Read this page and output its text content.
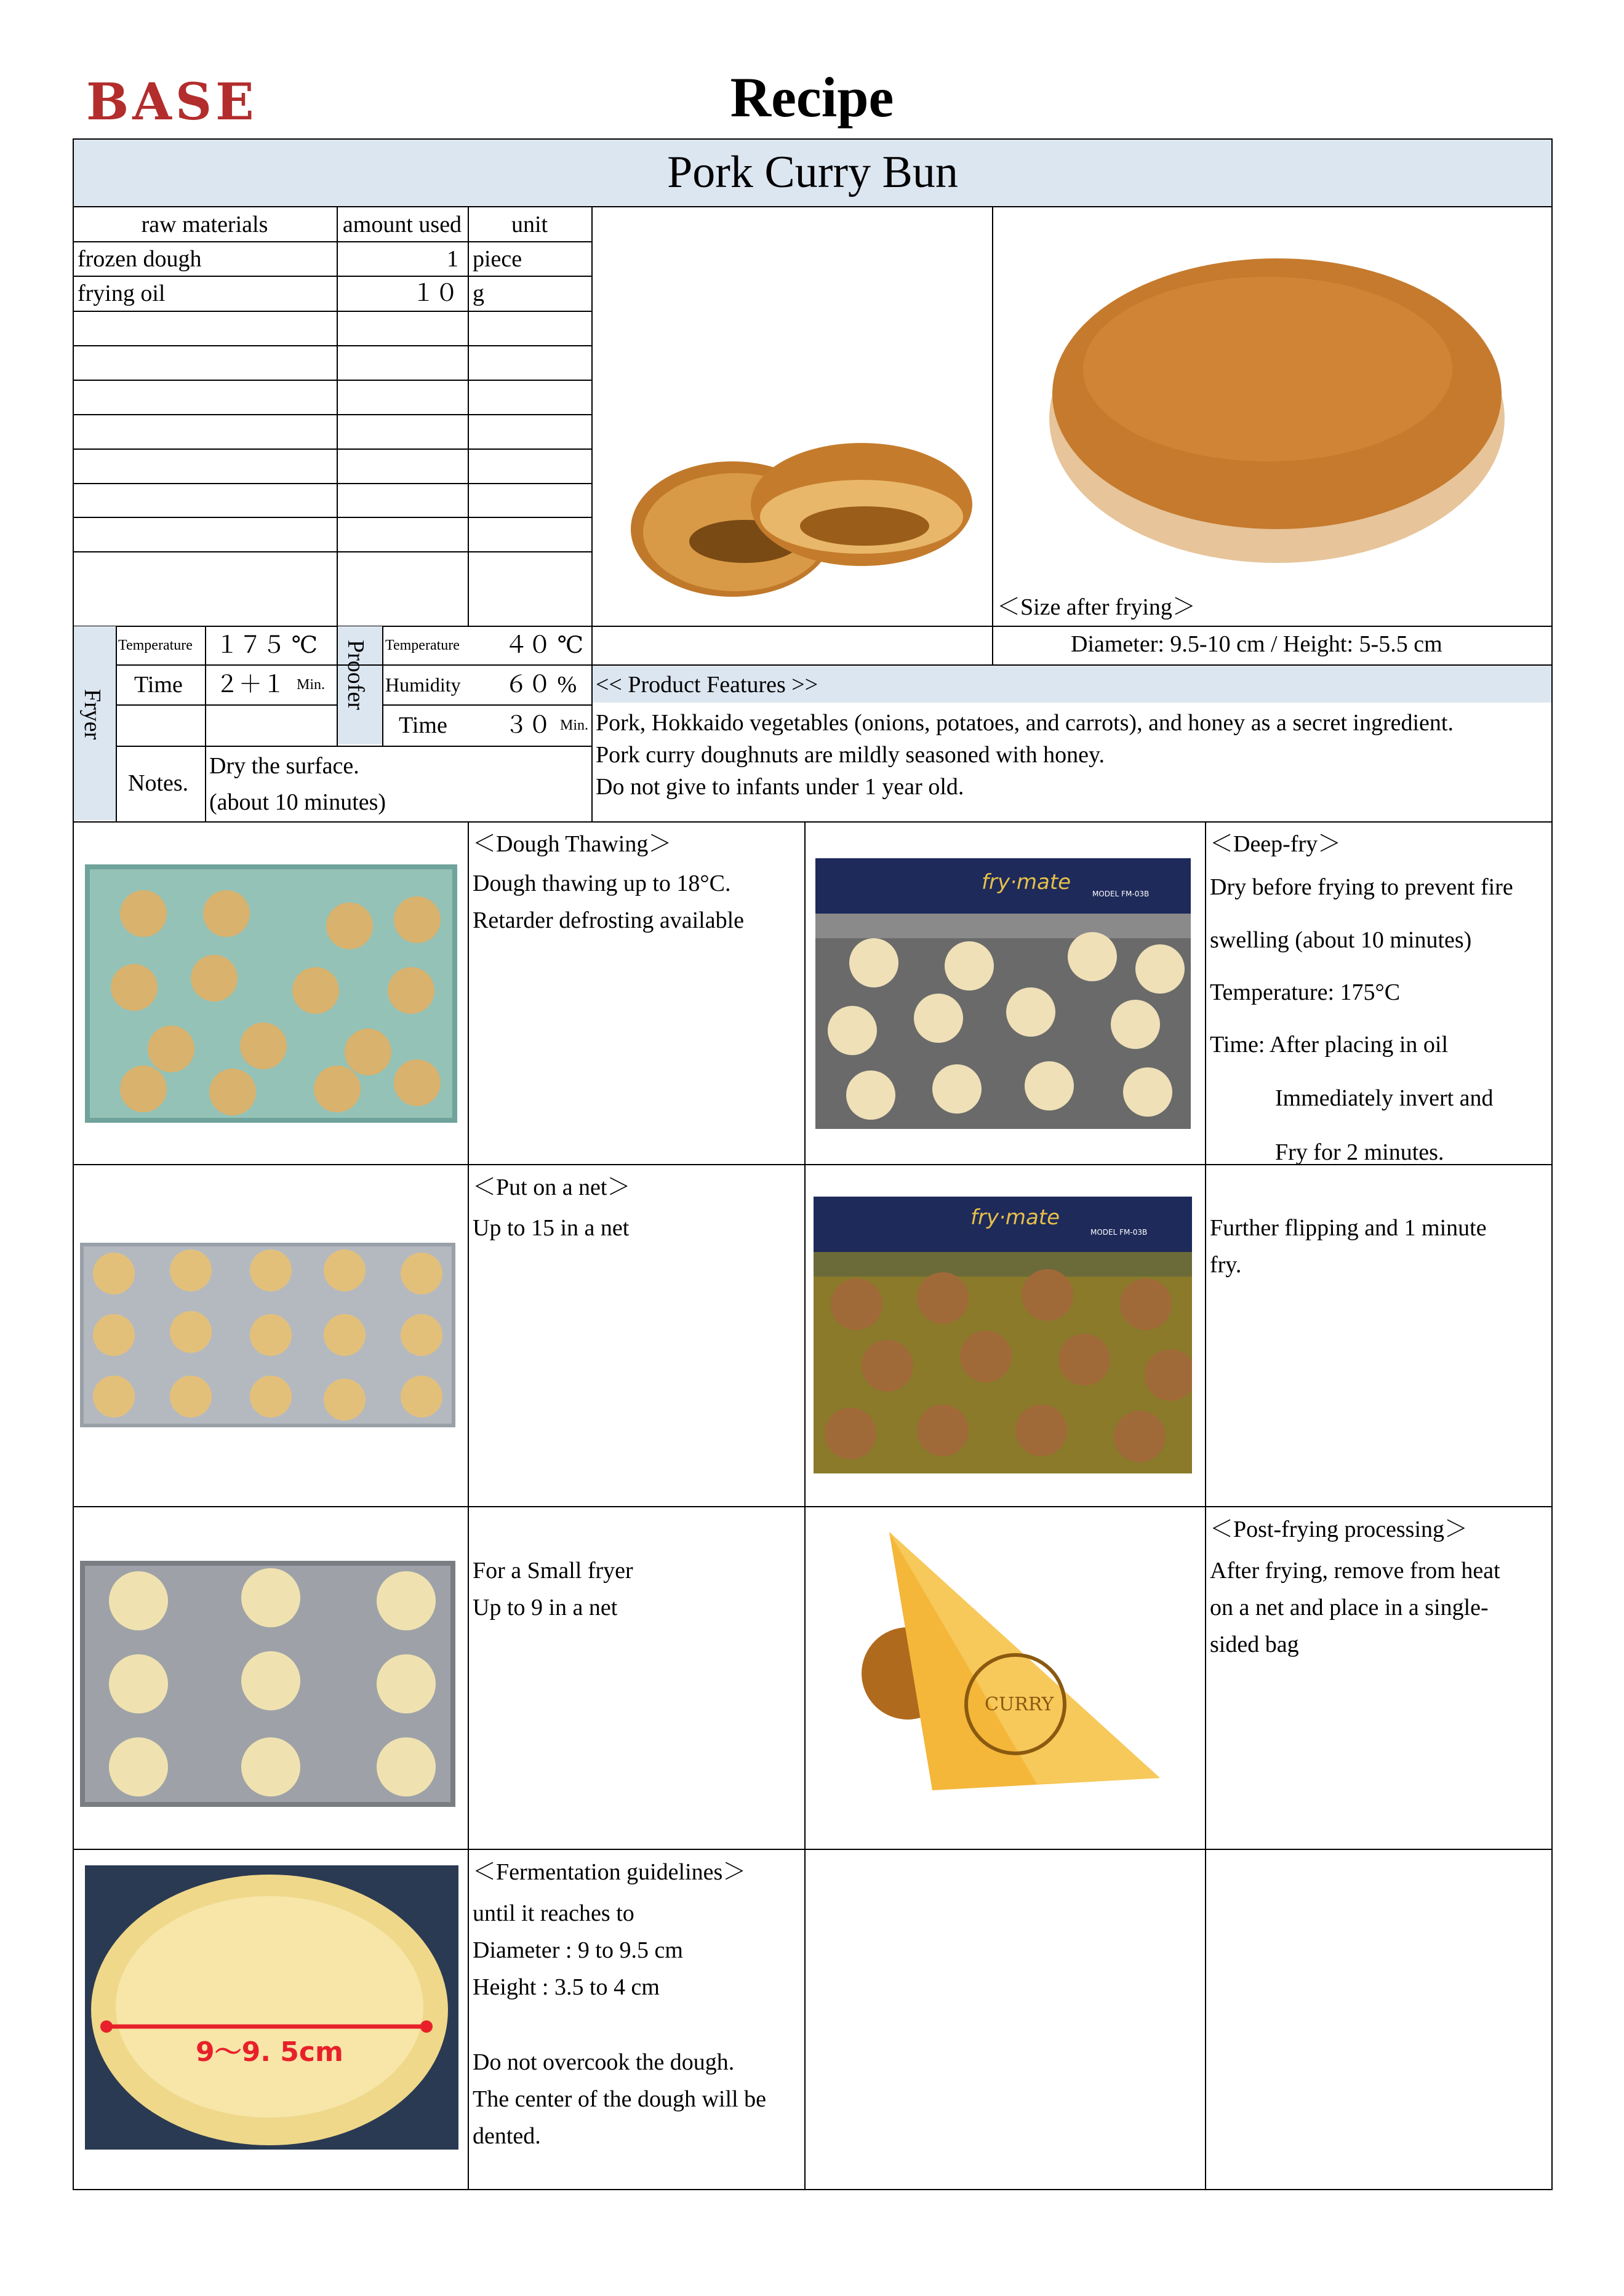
BASE	Recipe
Pork Curry Bun
raw materials	amount used	unit
frozen dough	1 piece
frying oil	１０ g
Fryer
Temperature １７５ ℃
Time ２＋１ Min.
Notes.
Dry the surface.
(about 10 minutes)
Proofer Temperature ４０ ℃
Humidity ６０ %
Time ３０ Min.
＜Size after frying＞
Diameter: 9.5-10 cm / Height: 5-5.5 cm
<< Product Features >>
Pork, Hokkaido vegetables (onions, potatoes, and carrots), and honey as a secret ingredient.
Pork curry doughnuts are mildly seasoned with honey.
Do not give to infants under 1 year old.
＜Dough Thawing＞
Dough thawing up to 18°C.
Retarder defrosting available
fry·mate	MODEL FM-03B
＜Deep-fry＞
Dry before frying to prevent fire
swelling (about 10 minutes)
Temperature: 175°C
Time: After placing in oil
Immediately invert and
Fry for 2 minutes.
＜Put on a net＞
Up to 15 in a net	fry·mate
MODEL FM-03B	Further flipping and 1 minute
fry.
For a Small fryer
Up to 9 in a net
CURRY
＜Post-frying processing＞
After frying, remove from heat
on a net and place in a single-
sided bag
9～9. 5cm
＜Fermentation guidelines＞
until it reaches to
Diameter : 9 to 9.5 cm
Height : 3.5 to 4 cm
Do not overcook the dough.
The center of the dough will be
dented.
